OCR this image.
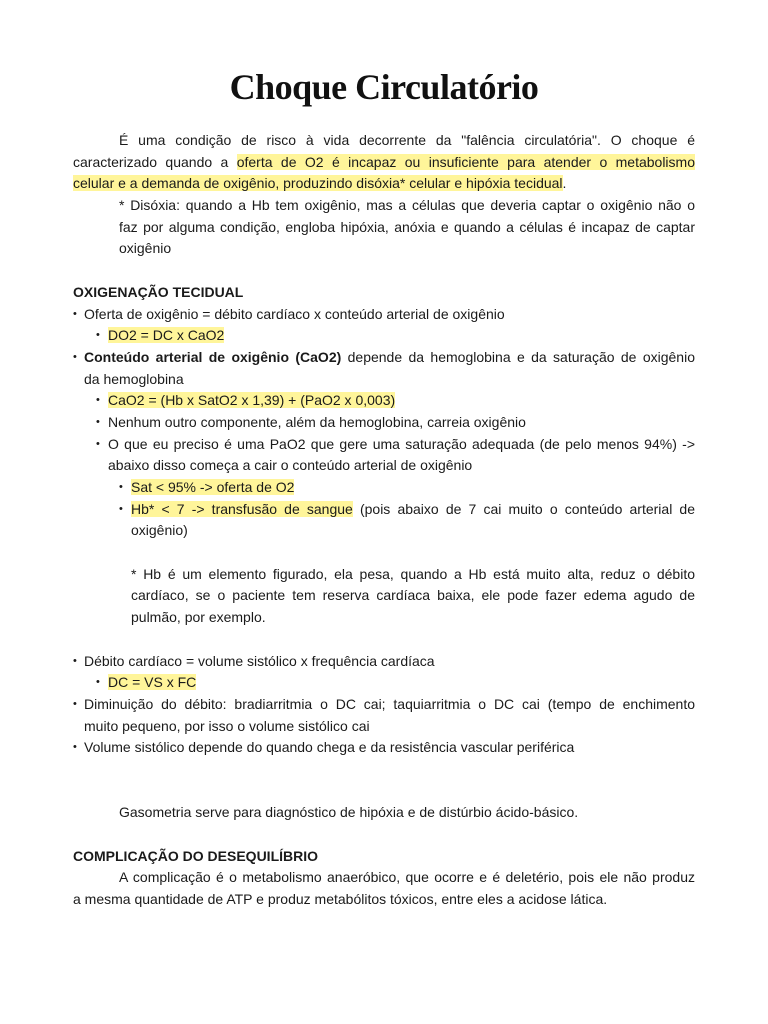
Choque Circulatório
É uma condição de risco à vida decorrente da "falência circulatória". O choque é
caracterizado quando a oferta de O2 é incapaz ou insuficiente para atender o metabolismo
celular e a demanda de oxigênio, produzindo disóxia* celular e hipóxia tecidual.
* Disóxia: quando a Hb tem oxigênio, mas a células que deveria captar o oxigênio não o
faz por alguma condição, engloba hipóxia, anóxia e quando a células é incapaz de captar
oxigênio
OXIGENAÇÃO TECIDUAL
• Oferta de oxigênio = débito cardíaco x conteúdo arterial de oxigênio
• DO2 = DC x CaO2
• Conteúdo arterial de oxigênio (CaO2) depende da hemoglobina e da saturação de oxigênio
da hemoglobina
• CaO2 = (Hb x SatO2 x 1,39) + (PaO2 x 0,003)
• Nenhum outro componente, além da hemoglobina, carreia oxigênio
• O que eu preciso é uma PaO2 que gere uma saturação adequada (de pelo menos 94%) ->
abaixo disso começa a cair o conteúdo arterial de oxigênio
• Sat < 95% -> oferta de O2
• Hb* < 7 -> transfusão de sangue (pois abaixo de 7 cai muito o conteúdo arterial de
oxigênio)
* Hb é um elemento figurado, ela pesa, quando a Hb está muito alta, reduz o débito
cardíaco, se o paciente tem reserva cardíaca baixa, ele pode fazer edema agudo de
pulmão, por exemplo.
• Débito cardíaco = volume sistólico x frequência cardíaca
• DC = VS x FC
• Diminuição do débito: bradiarritmia o DC cai; taquiarritmia o DC cai (tempo de enchimento
muito pequeno, por isso o volume sistólico cai
• Volume sistólico depende do quando chega e da resistência vascular periférica
Gasometria serve para diagnóstico de hipóxia e de distúrbio ácido-básico.
COMPLICAÇÃO DO DESEQUILÍBRIO
A complicação é o metabolismo anaeróbico, que ocorre e é deletério, pois ele não produz
a mesma quantidade de ATP e produz metabólitos tóxicos, entre eles a acidose lática.
